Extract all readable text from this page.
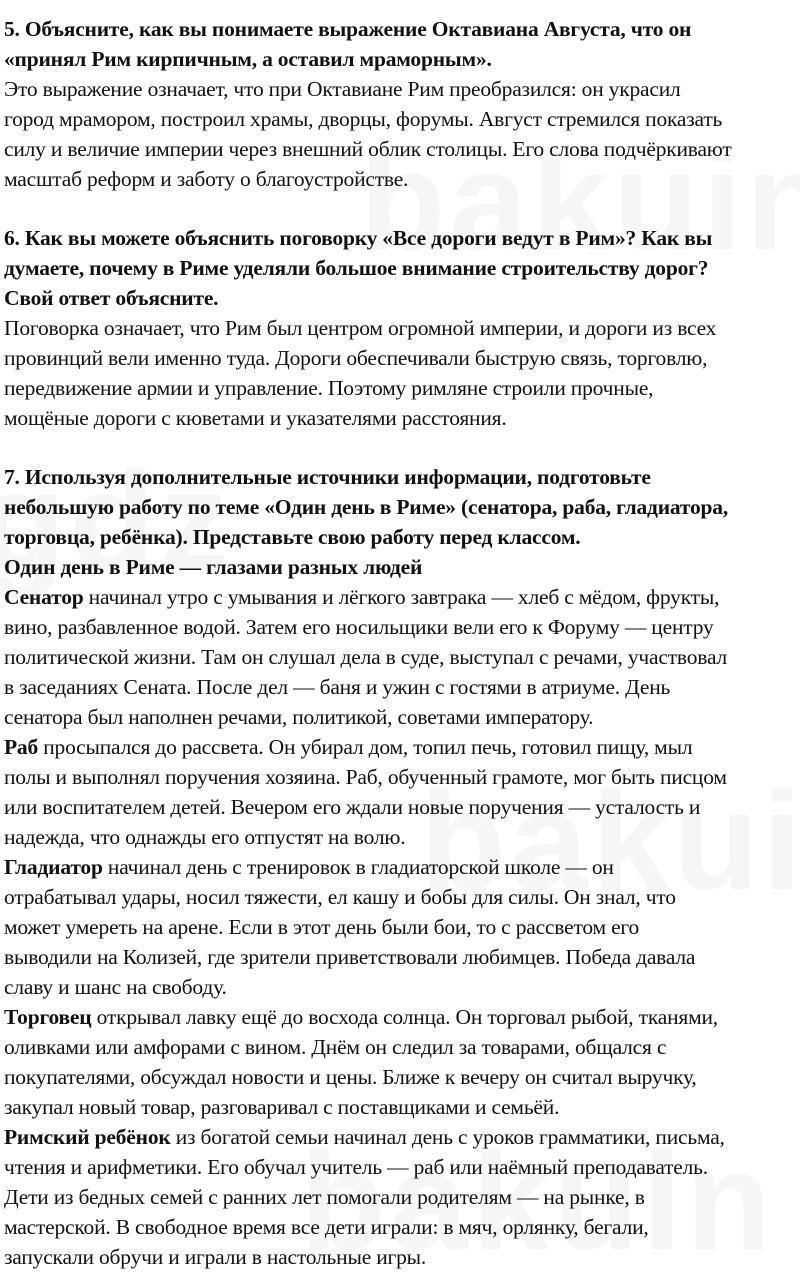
5. Объясните, как вы понимаете выражение Октавиана Августа, что он
«принял Рим кирпичным, а оставил мраморным».
Это выражение означает, что при Октавиане Рим преобразился: он украсил
город мрамором, построил храмы, дворцы, форумы. Август стремился показать
силу и величие империи через внешний облик столицы. Его слова подчёркивают
масштаб реформ и заботу о благоустройстве.
6. Как вы можете объяснить поговорку «Все дороги ведут в Рим»? Как вы
думаете, почему в Риме уделяли большое внимание строительству дорог?
Свой ответ объясните.
Поговорка означает, что Рим был центром огромной империи, и дороги из всех
провинций вели именно туда. Дороги обеспечивали быструю связь, торговлю,
передвижение армии и управление. Поэтому римляне строили прочные,
мощёные дороги с кюветами и указателями расстояния.
7. Используя дополнительные источники информации, подготовьте
небольшую работу по теме «Один день в Риме» (сенатора, раба, гладиатора,
торговца, ребёнка). Представьте свою работу перед классом.
Один день в Риме — глазами разных людей
Сенатор начинал утро с умывания и лёгкого завтрака — хлеб с мёдом, фрукты,
вино, разбавленное водой. Затем его носильщики вели его к Форуму — центру
политической жизни. Там он слушал дела в суде, выступал с речами, участвовал
в заседаниях Сената. После дел — баня и ужин с гостями в атриуме. День
сенатора был наполнен речами, политикой, советами императору.
Раб просыпался до рассвета. Он убирал дом, топил печь, готовил пищу, мыл
полы и выполнял поручения хозяина. Раб, обученный грамоте, мог быть писцом
или воспитателем детей. Вечером его ждали новые поручения — усталость и
надежда, что однажды его отпустят на волю.
Гладиатор начинал день с тренировок в гладиаторской школе — он
отрабатывал удары, носил тяжести, ел кашу и бобы для силы. Он знал, что
может умереть на арене. Если в этот день были бои, то с рассветом его
выводили на Колизей, где зрители приветствовали любимцев. Победа давала
славу и шанс на свободу.
Торговец открывал лавку ещё до восхода солнца. Он торговал рыбой, тканями,
оливками или амфорами с вином. Днём он следил за товарами, общался с
покупателями, обсуждал новости и цены. Ближе к вечеру он считал выручку,
закупал новый товар, разговаривал с поставщиками и семьёй.
Римский ребёнок из богатой семьи начинал день с уроков грамматики, письма,
чтения и арифметики. Его обучал учитель — раб или наёмный преподаватель.
Дети из бедных семей с ранних лет помогали родителям — на рынке, в
мастерской. В свободное время все дети играли: в мяч, орлянку, бегали,
запускали обручи и играли в настольные игры.
